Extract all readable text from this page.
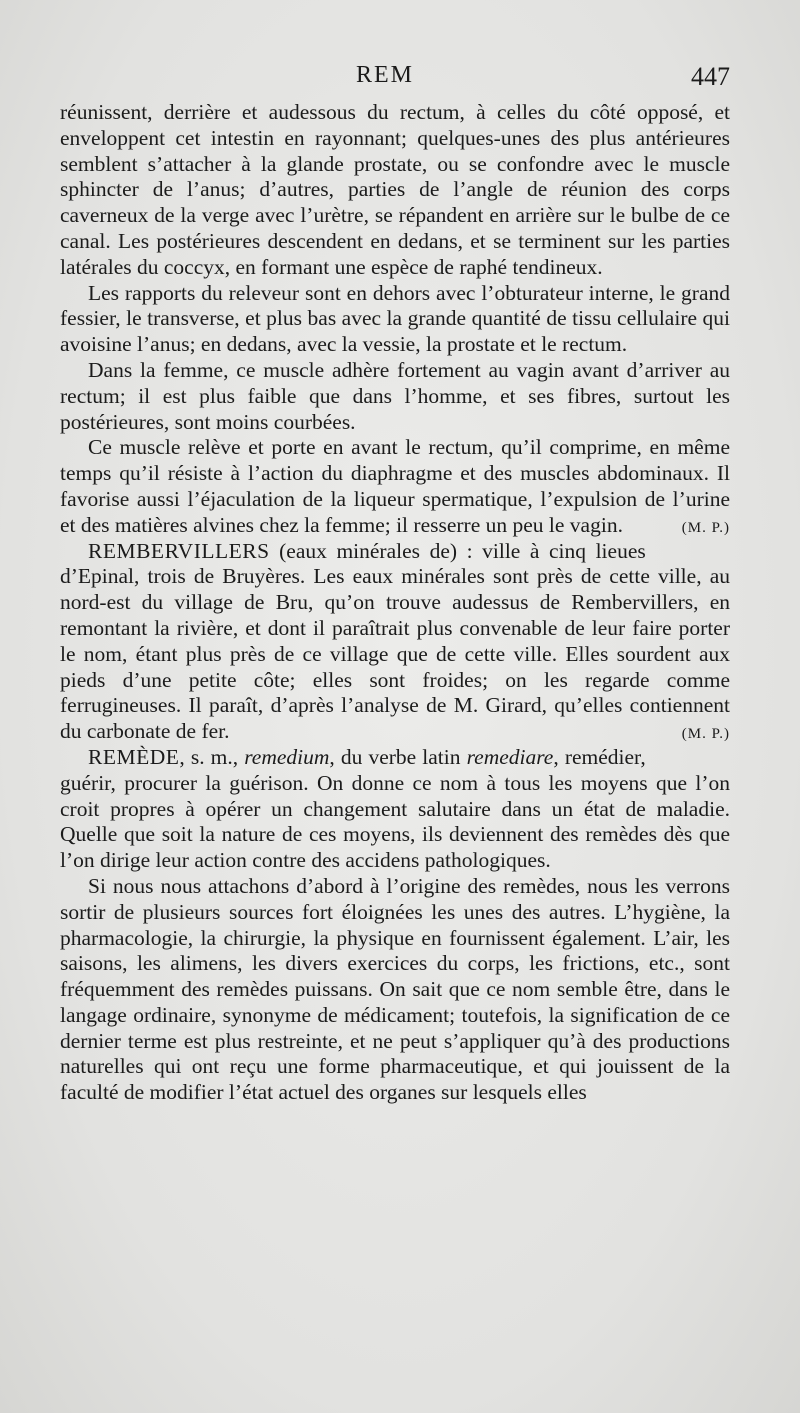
REM	447

réunissent, derrière et audessous du rectum, à celles du côté opposé, et enveloppent cet intestin en rayonnant; quelques-unes des plus antérieures semblent s’attacher à la glande prostate, ou se confondre avec le muscle sphincter de l’anus; d’autres, parties de l’angle de réunion des corps caverneux de la verge avec l’urètre, se répandent en arrière sur le bulbe de ce canal. Les postérieures descendent en dedans, et se terminent sur les parties latérales du coccyx, en formant une espèce de raphé tendineux.

Les rapports du releveur sont en dehors avec l’obturateur interne, le grand fessier, le transverse, et plus bas avec la grande quantité de tissu cellulaire qui avoisine l’anus; en dedans, avec la vessie, la prostate et le rectum.

Dans la femme, ce muscle adhère fortement au vagin avant d’arriver au rectum; il est plus faible que dans l’homme, et ses fibres, surtout les postérieures, sont moins courbées.

Ce muscle relève et porte en avant le rectum, qu’il comprime, en même temps qu’il résiste à l’action du diaphragme et des muscles abdominaux. Il favorise aussi l’éjaculation de la liqueur spermatique, l’expulsion de l’urine et des matières alvines chez la femme; il resserre un peu le vagin.	(M. P.)

REMBERVILLERS (eaux minérales de) : ville à cinq lieues d’Epinal, trois de Bruyères. Les eaux minérales sont près de cette ville, au nord-est du village de Bru, qu’on trouve audessus de Rembervillers, en remontant la rivière, et dont il paraîtrait plus convenable de leur faire porter le nom, étant plus près de ce village que de cette ville. Elles sourdent aux pieds d’une petite côte; elles sont froides; on les regarde comme ferrugineuses. Il paraît, d’après l’analyse de M. Girard, qu’elles contiennent du carbonate de fer.	(M. P.)

REMÈDE, s. m., remedium, du verbe latin remediare, remédier, guérir, procurer la guérison. On donne ce nom à tous les moyens que l’on croit propres à opérer un changement salutaire dans un état de maladie. Quelle que soit la nature de ces moyens, ils deviennent des remèdes dès que l’on dirige leur action contre des accidens pathologiques.

Si nous nous attachons d’abord à l’origine des remèdes, nous les verrons sortir de plusieurs sources fort éloignées les unes des autres. L’hygiène, la pharmacologie, la chirurgie, la physique en fournissent également. L’air, les saisons, les alimens, les divers exercices du corps, les frictions, etc., sont fréquemment des remèdes puissans. On sait que ce nom semble être, dans le langage ordinaire, synonyme de médicament; toutefois, la signification de ce dernier terme est plus restreinte, et ne peut s’appliquer qu’à des productions naturelles qui ont reçu une forme pharmaceutique, et qui jouissent de la faculté de modifier l’état actuel des organes sur lesquels elles
